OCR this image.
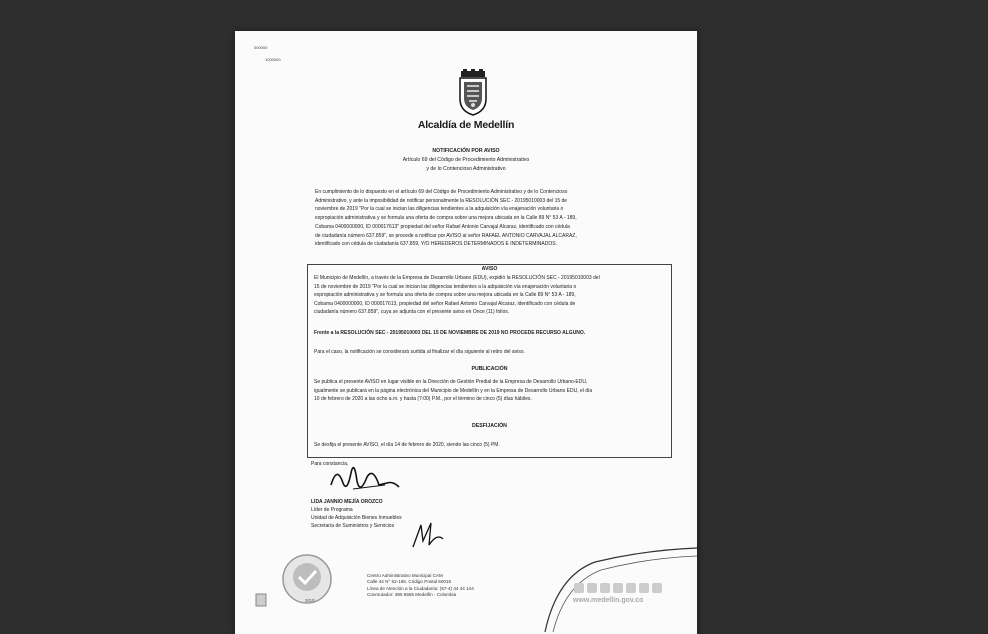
000000
1000000
Alcaldía de Medellín
NOTIFICACIÓN POR AVISO
Artículo 69 del Código de Procedimiento Administrativo
y de lo Contencioso Administrativo
En cumplimiento de lo dispuesto en el artículo 69 del Código de Procedimiento Administrativo y de lo Contencioso
Administrativo, y ante la imposibilidad de notificar personalmente la RESOLUCIÓN SEC - 20195010003 del 15 de
noviembre de 2019 "Por la cual se inician las diligencias tendientes a la adquisición vía enajenación voluntaria o
expropiación administrativa y se formula una oferta de compra sobre una mejora ubicada en la Calle 89 N° 53 A - 189,
Cobama 0400000000, ID 000017613" propiedad del señor Rafael Antonio Carvajal Alcaraz, identificado con cédula
de ciudadanía número 637.859", se procede a notificar por AVISO al señor RAFAEL ANTONIO CARVAJAL ALCARAZ,
identificado con cédula de ciudadanía 637.859, Y/O HEREDEROS DETERMINADOS E INDETERMINADOS.
AVISO
El Municipio de Medellín, a través de la Empresa de Desarrollo Urbano (EDU), expidió la RESOLUCIÓN SEC - 20195010003 del
15 de noviembre de 2019 "Por la cual se inician las diligencias tendientes a la adquisición vía enajenación voluntaria o
expropiación administrativa y se formula una oferta de compra sobre una mejora ubicada en la Calle 89 N° 53 A - 189,
Cobama 0400000000, ID 000017613, propiedad del señor Rafael Antonio Carvajal Alcaraz, identificado con cédula de
ciudadanía número 637.859", cuya se adjunta con el presente aviso en Once (11) folios.
Frente a la RESOLUCIÓN SEC - 20195010003 DEL 15 DE NOVIEMBRE DE 2019 NO PROCEDE RECURSO ALGUNO.
Para el caso, la notificación se considerará surtida al finalizar el día siguiente al retiro del aviso.
PUBLICACIÓN
Se publica el presente AVISO en lugar visible en la Dirección de Gestión Predial de la Empresa de Desarrollo Urbano-EDU,
igualmente se publicará en la página electrónica del Municipio de Medellín y en la Empresa de Desarrollo Urbano EDU, el día
10 de febrero de 2020 a las ocho a.m. y hasta (7:00) P.M., por el término de cinco (5) días hábiles.
DESFIJACIÓN
Se desfija el presente AVISO, el día 14 de febrero de 2020, siendo las cinco (5) PM.
Para constancia,
LIDA JANNIO MEJÍA OROZCO
Líder de Programa
Unidad de Adquisición Bienes Inmuebles
Secretaría de Suministros y Servicios
SGS
Centro Administrativo Municipal CAM
Calle 44 N° 52-165. Código Postal 50015
Línea de Atención a la Ciudadanía: (57-4) 44 44 144
Conmutador: 385 5555 Medellín - Colombia
www.medellin.gov.co
